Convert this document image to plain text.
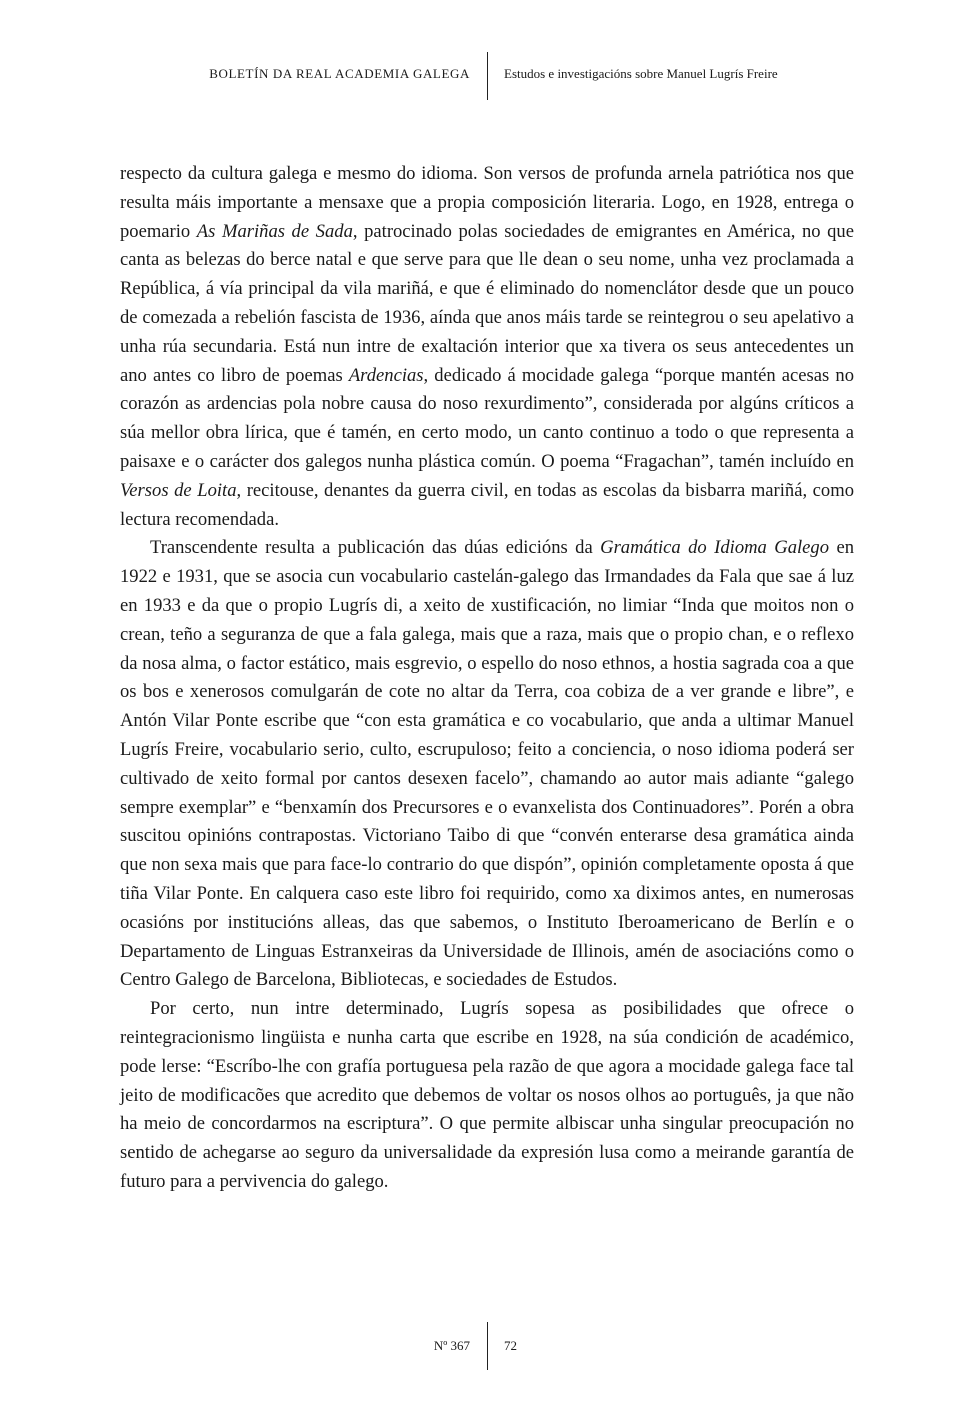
BOLETÍN DA REAL ACADEMIA GALEGA	Estudos e investigacións sobre Manuel Lugrís Freire

respecto da cultura galega e mesmo do idioma. Son versos de profunda arnela patriótica nos que resulta máis importante a mensaxe que a propia composición literaria. Logo, en 1928, entrega o poemario As Mariñas de Sada, patrocinado polas sociedades de emigrantes en América, no que canta as belezas do berce natal e que serve para que lle dean o seu nome, unha vez proclamada a República, á vía principal da vila mariñá, e que é eliminado do nomenclátor desde que un pouco de comezada a rebelión fascista de 1936, aínda que anos máis tarde se reintegrou o seu apelativo a unha rúa secundaria. Está nun intre de exaltación interior que xa tivera os seus antecedentes un ano antes co libro de poemas Ardencias, dedicado á mocidade galega “porque mantén acesas no corazón as ardencias pola nobre causa do noso rexurdimento”, considerada por algúns críticos a súa mellor obra lírica, que é tamén, en certo modo, un canto continuo a todo o que representa a paisaxe e o carácter dos galegos nunha plástica común. O poema “Fragachan”, tamén incluído en Versos de Loita, recitouse, denantes da guerra civil, en todas as escolas da bisbarra mariñá, como lectura recomendada.

Transcendente resulta a publicación das dúas edicións da Gramática do Idioma Galego en 1922 e 1931, que se asocia cun vocabulario castelán-galego das Irmandades da Fala que sae á luz en 1933 e da que o propio Lugrís di, a xeito de xustificación, no limiar “Inda que moitos non o crean, teño a seguranza de que a fala galega, mais que a raza, mais que o propio chan, e o reflexo da nosa alma, o factor estático, mais esgrevio, o espello do noso ethnos, a hostia sagrada coa a que os bos e xenerosos comulgarán de cote no altar da Terra, coa cobiza de a ver grande e libre”, e Antón Vilar Ponte escribe que “con esta gramática e co vocabulario, que anda a ultimar Manuel Lugrís Freire, vocabulario serio, culto, escrupuloso; feito a conciencia, o noso idioma poderá ser cultivado de xeito formal por cantos desexen facelo”, chamando ao autor mais adiante “galego sempre exemplar” e “benxamín dos Precursores e o evanxelista dos Continuadores”. Porén a obra suscitou opinións contrapostas. Victoriano Taibo di que “convén enterarse desa gramática ainda que non sexa mais que para face-lo contrario do que dispón”, opinión completamente oposta á que tiña Vilar Ponte. En calquera caso este libro foi requirido, como xa diximos antes, en numerosas ocasións por institucións alleas, das que sabemos, o Instituto Iberoamericano de Berlín e o Departamento de Linguas Estranxeiras da Universidade de Illinois, amén de asociacións como o Centro Galego de Barcelona, Bibliotecas, e sociedades de Estudos.

Por certo, nun intre determinado, Lugrís sopesa as posibilidades que ofrece o reintegracionismo lingüista e nunha carta que escribe en 1928, na súa condición de académico, pode lerse: “Escríbo-lhe con grafía portuguesa pela razão de que agora a mocidade galega face tal jeito de modificacões que acredito que debemos de voltar os nosos olhos ao português, ja que não ha meio de concordarmos na escriptura”. O que permite albiscar unha singular preocupación no sentido de achegarse ao seguro da universalidade da expresión lusa como a meirande garantía de futuro para a pervivencia do galego.

Nº 367	72
